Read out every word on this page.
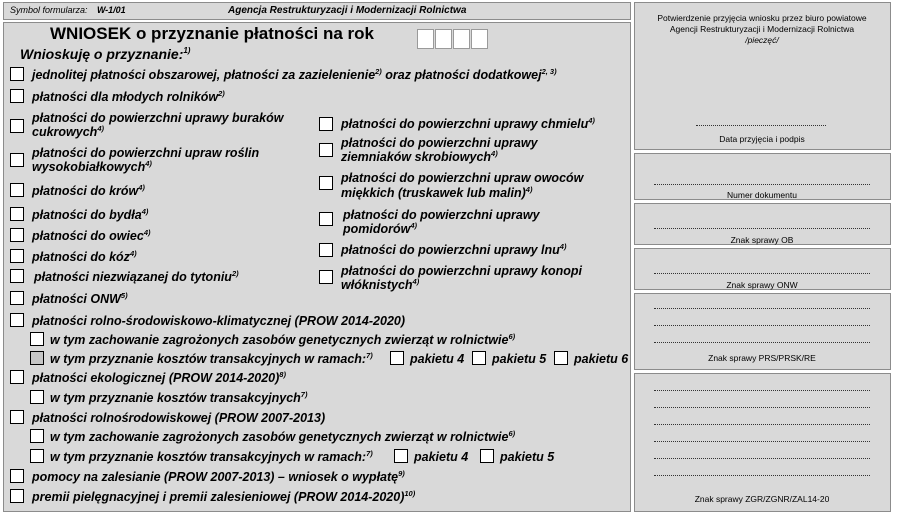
Symbol formularza: W-1/01	Agencja Restrukturyzacji i Modernizacji Rolnictwa
WNIOSEK o przyznanie płatności na rok
Wnioskuję o przyznanie:$^{1)}$
jednolitej płatności obszarowej, płatności za zazielenienie$^{2)}$ oraz płatności dodatkowej$^{2, 3)}$
płatności dla młodych rolników$^{2)}$
płatności do powierzchni uprawy buraków
cukrowych$^{4)}$
płatności do powierzchni upraw roślin
wysokobiałkowych$^{4)}$
płatności do krów$^{4)}$
płatności do bydła$^{4)}$
płatności do owiec$^{4)}$
płatności do kóz$^{4)}$
płatności niezwiązanej do tytoniu$^{2)}$
płatności ONW$^{5)}$
płatności do powierzchni uprawy chmielu$^{4)}$
płatności do powierzchni uprawy
ziemniaków skrobiowych$^{4)}$
płatności do powierzchni upraw owoców
miękkich (truskawek lub malin)$^{4)}$
płatności do powierzchni uprawy
pomidorów$^{4)}$
płatności do powierzchni uprawy lnu$^{4)}$
płatności do powierzchni uprawy konopi
włóknistych$^{4)}$
płatności rolno-środowiskowo-klimatycznej (PROW 2014-2020)
w tym zachowanie zagrożonych zasobów genetycznych zwierząt w rolnictwie$^{6)}$
w tym przyznanie kosztów transakcyjnych w ramach:$^{7)}$	pakietu 4 pakietu 5 pakietu 6
płatności ekologicznej (PROW 2014-2020)$^{8)}$
w tym przyznanie kosztów transakcyjnych$^{7)}$
płatności rolnośrodowiskowej (PROW 2007-2013)
w tym zachowanie zagrożonych zasobów genetycznych zwierząt w rolnictwie$^{6)}$
w tym przyznanie kosztów transakcyjnych w ramach:$^{7)}$	pakietu 4	pakietu 5
pomocy na zalesianie (PROW 2007-2013) – wniosek o wypłatę$^{9)}$
premii pielęgnacyjnej i premii zalesieniowej (PROW 2014-2020)$^{10)}$
Potwierdzenie przyjęcia wniosku przez biuro powiatowe
Agencji Restrukturyzacji i Modernizacji Rolnictwa
/pieczęć/
Data przyjęcia i podpis
Numer dokumentu
Znak sprawy OB
Znak sprawy ONW
Znak sprawy PRS/PRSK/RE
Znak sprawy ZGR/ZGNR/ZAL14-20
